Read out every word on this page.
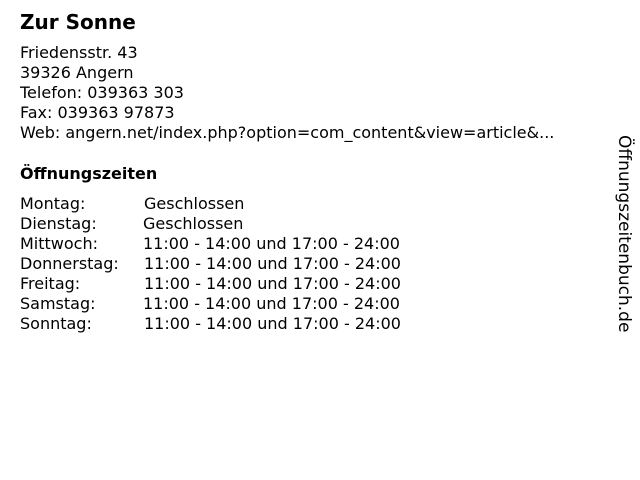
Zur Sonne
Friedensstr. 43
39326 Angern
Telefon: 039363 303
Fax: 039363 97873
Web: angern.net/index.php?option=com_content&view=article&...
Öffnungszeiten
Montag:	Geschlossen
Dienstag:	Geschlossen
Mittwoch:	11:00 - 14:00 und 17:00 - 24:00
Donnerstag: 11:00 - 14:00 und 17:00 - 24:00
Freitag:	11:00 - 14:00 und 17:00 - 24:00
Samstag:	11:00 - 14:00 und 17:00 - 24:00
Sonntag:	11:00 - 14:00 und 17:00 - 24:00	Öffnungszeitenbuch.de
